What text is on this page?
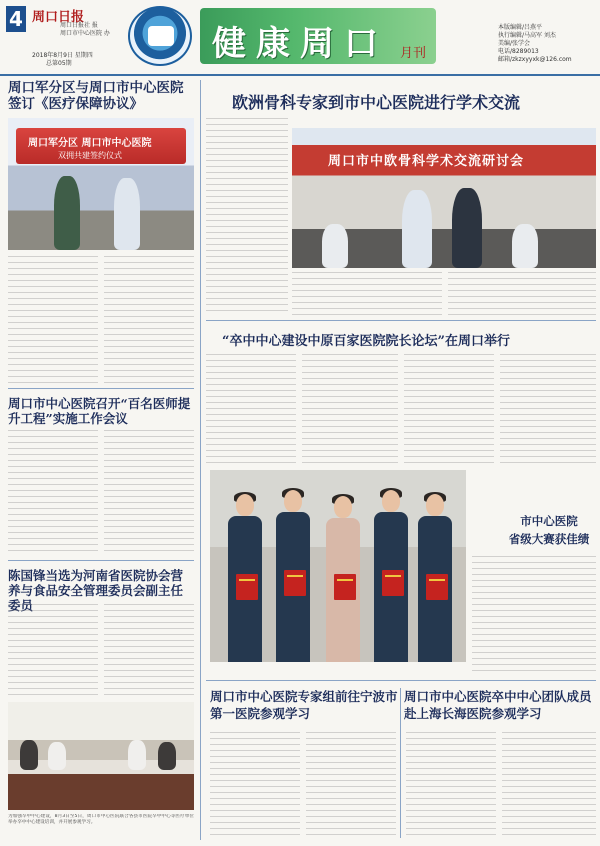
4 周口日报
周口日报社 报
周口市中心医院 办
2018年8月9日 星期四
总第05期	健康周口 月刊
本版编辑/吕燕平
执行编辑/马高军 刘杰
美编/张学会
电话/8289013
邮箱/zkzxyyxk@126.com
周口军分区与周口市中心医院签订《医疗保障协议》
周口军分区 周口市中心医院
双拥共建签约仪式
周口市中心医院召开“百名医师提升工程”实施工作会议
陈国锋当选为河南省医院协会营养与食品安全管理委员会副主任委员
为加强卒中中心建设，8月3日至5日，周口市中心医院联合各县市医院卒中中心等医疗单位举办卒中中心建设培训，并开展参观学习。
欧洲骨科专家到市中心医院进行学术交流
周口市中欧骨科学术交流研讨会
“卒中中心建设中原百家医院院长论坛”在周口举行
市中心医院
省级大赛获佳绩
周口市中心医院专家组前往宁波市第一医院参观学习
周口市中心医院卒中中心团队成员赴上海长海医院参观学习
